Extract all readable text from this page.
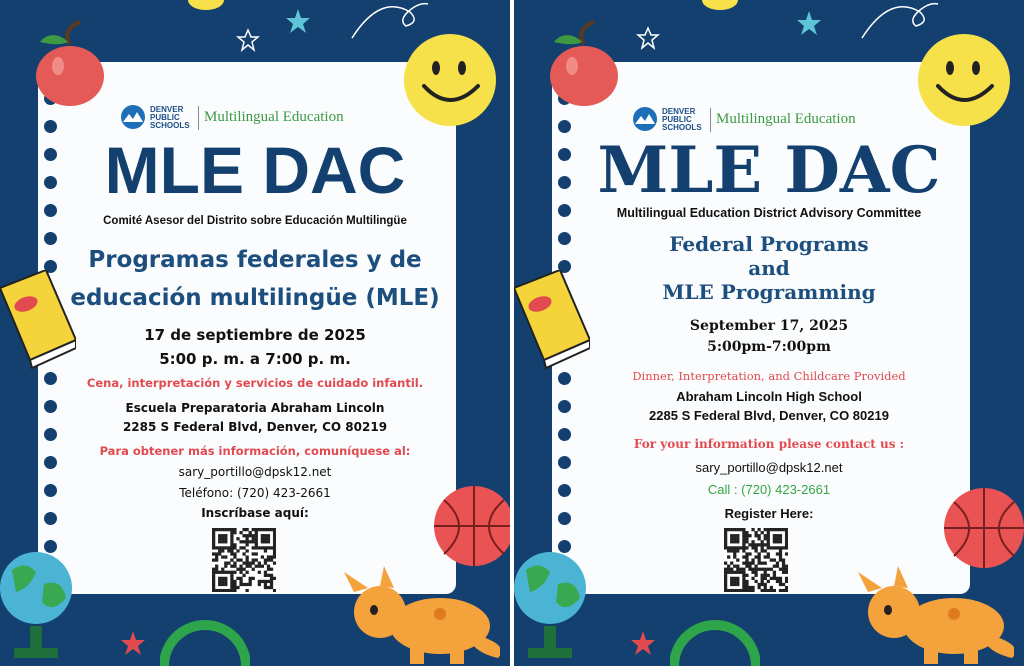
DENVER
PUBLIC
SCHOOLS
Multilingual Education
MLE DAC
Comité Asesor del Distrito sobre Educación Multilingüe
Programas federales y de
educación multilingüe (MLE)
17 de septiembre de 2025
5:00 p. m. a 7:00 p. m.
Cena, interpretación y servicios de cuidado infantil.
Escuela Preparatoria Abraham Lincoln
2285 S Federal Blvd, Denver, CO 80219
Para obtener más información, comuníquese al:
sary_portillo@dpsk12.net
Teléfono: (720) 423-2661
Inscríbase aquí:
DENVER
PUBLIC
SCHOOLS
Multilingual Education
MLE DAC
Multilingual Education District Advisory Committee
Federal Programs
and
MLE Programming
September 17, 2025
5:00pm-7:00pm
Dinner, Interpretation, and Childcare Provided
Abraham Lincoln High School
2285 S Federal Blvd, Denver, CO 80219
For your information please contact us :
sary_portillo@dpsk12.net
Call : (720) 423-2661
Register Here:
